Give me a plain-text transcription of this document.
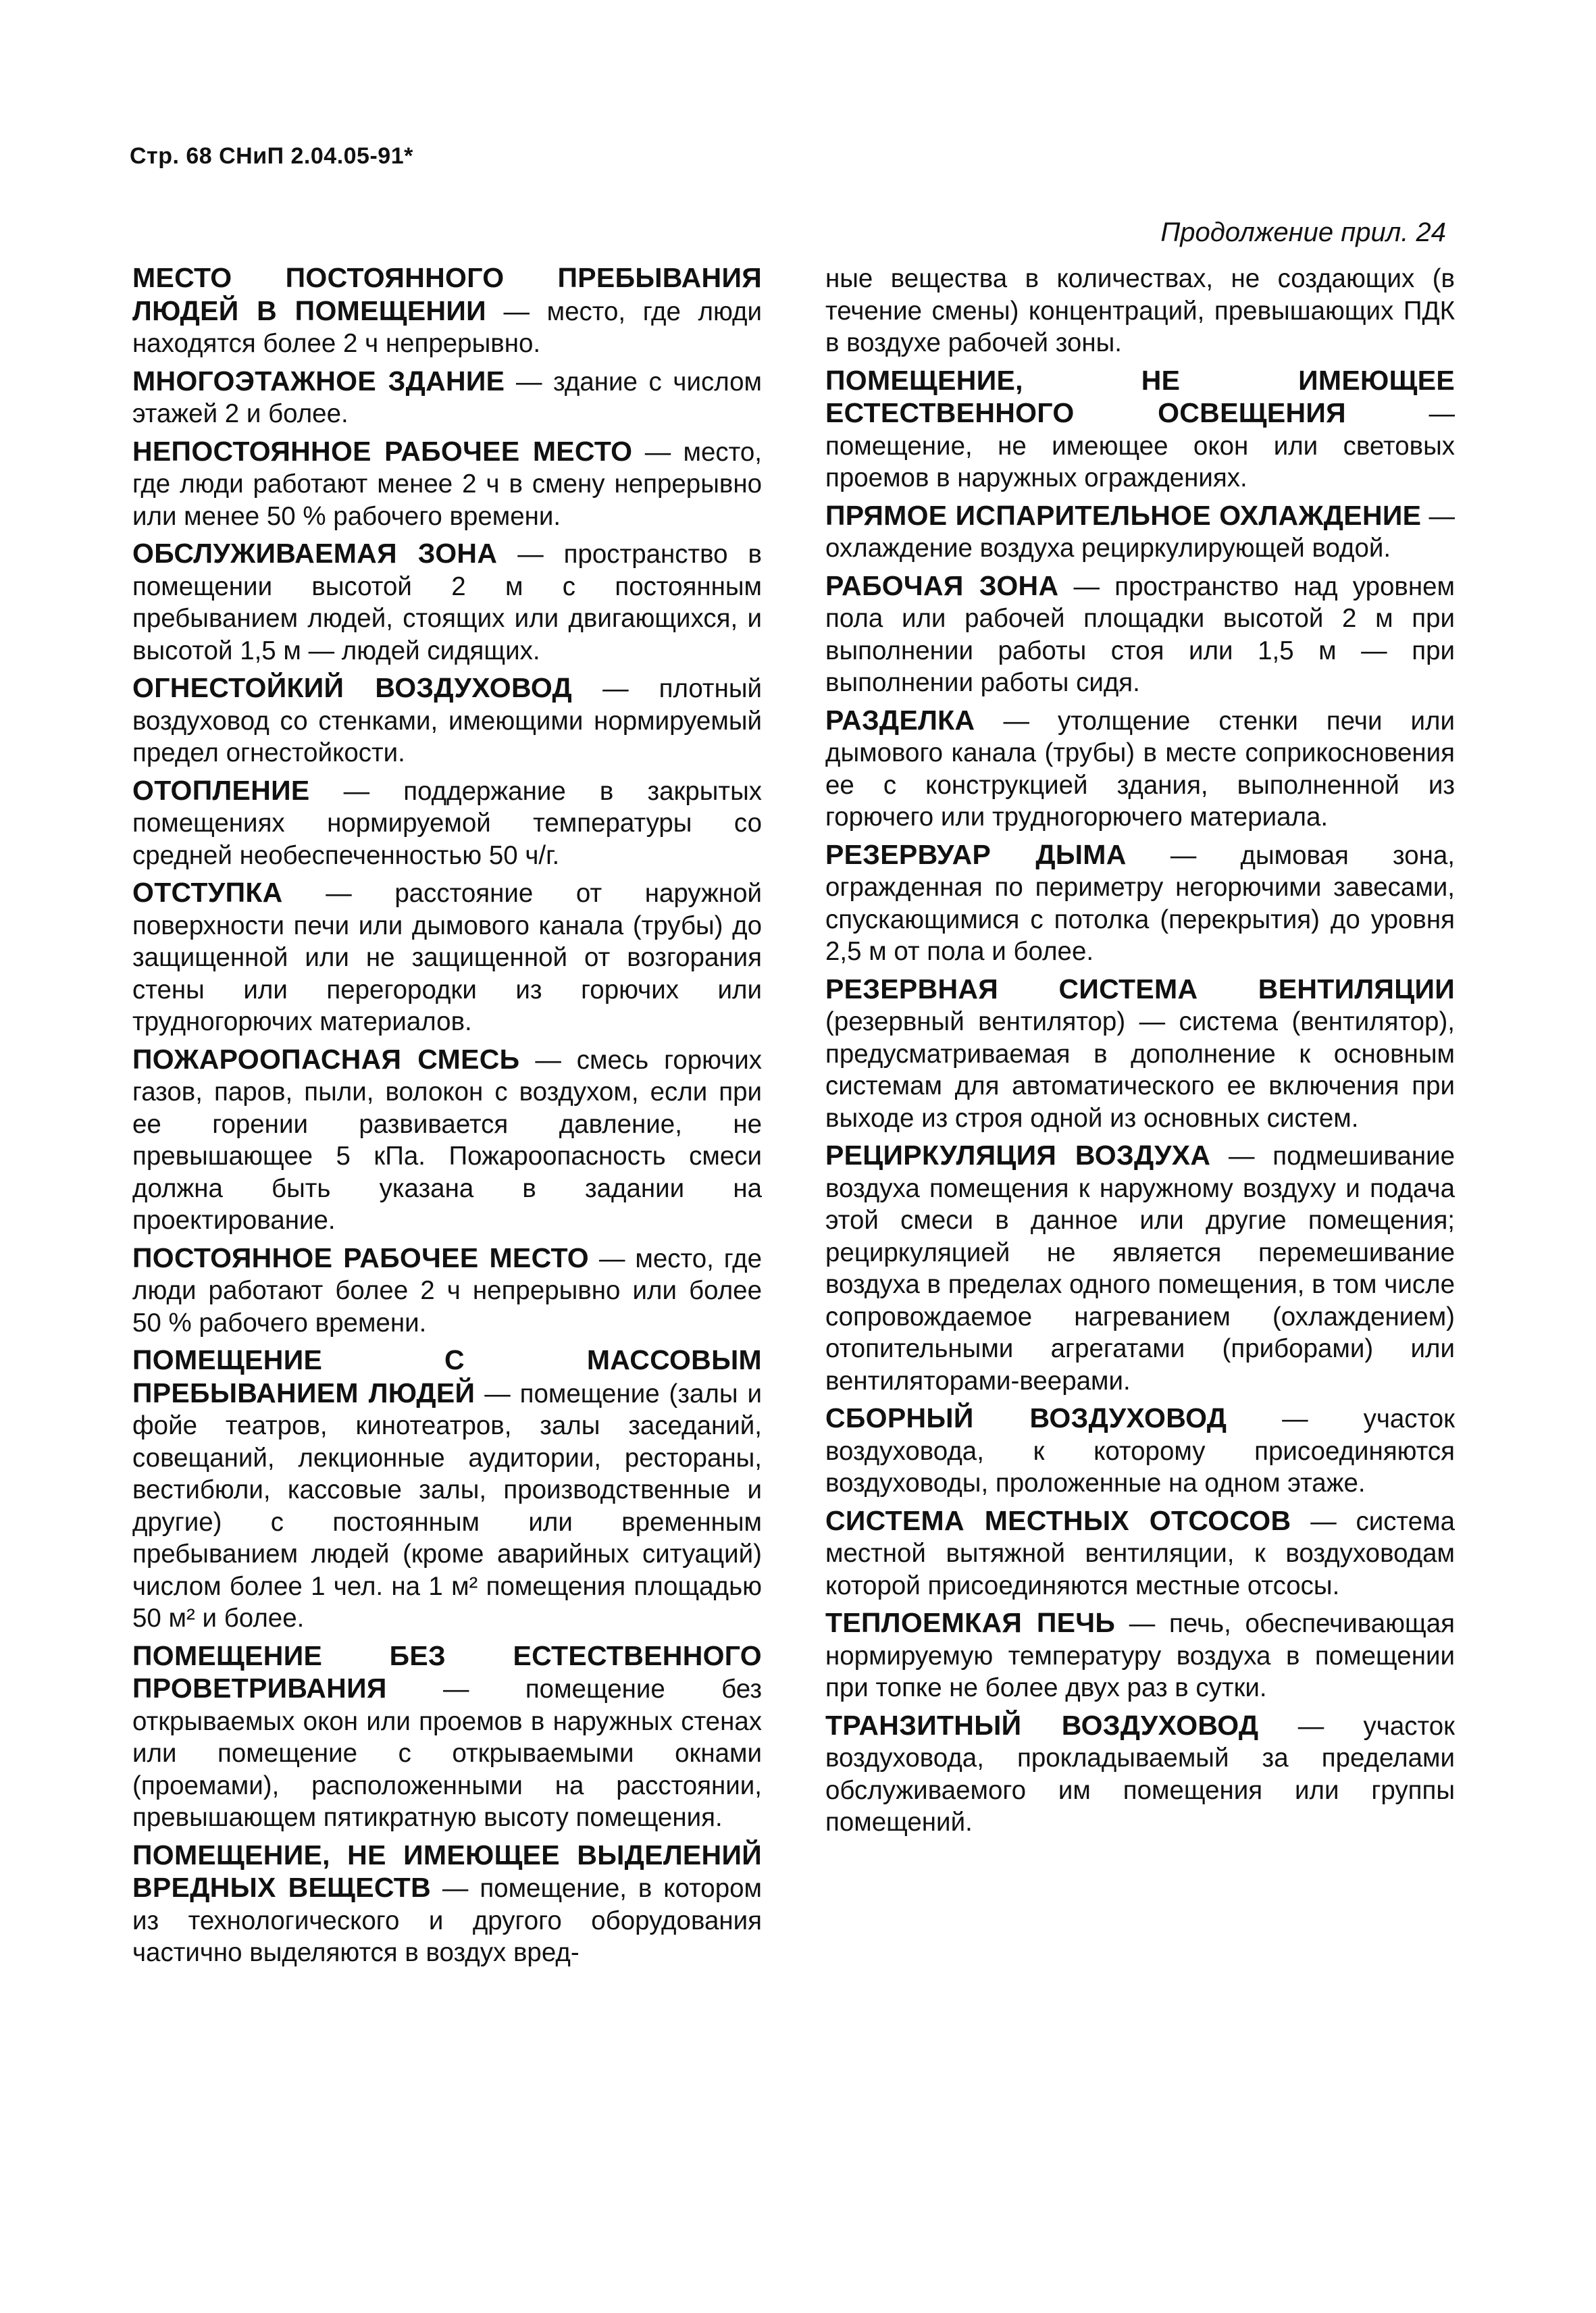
Стр. 68 СНиП 2.04.05-91*
Продолжение прил. 24

МЕСТО ПОСТОЯННОГО ПРЕБЫВАНИЯ ЛЮДЕЙ В ПОМЕЩЕНИИ — место, где люди находятся более 2 ч непрерывно.

МНОГОЭТАЖНОЕ ЗДАНИЕ — здание с числом этажей 2 и более.

НЕПОСТОЯННОЕ РАБОЧЕЕ МЕСТО — место, где люди работают менее 2 ч в смену непрерывно или менее 50 % рабочего времени.

ОБСЛУЖИВАЕМАЯ ЗОНА — пространство в помещении высотой 2 м с постоянным пребыванием людей, стоящих или двигающихся, и высотой 1,5 м — людей сидящих.

ОГНЕСТОЙКИЙ ВОЗДУХОВОД — плотный воздуховод со стенками, имеющими нормируемый предел огнестойкости.

ОТОПЛЕНИЕ — поддержание в закрытых помещениях нормируемой температуры со средней необеспеченностью 50 ч/г.

ОТСТУПКА — расстояние от наружной поверхности печи или дымового канала (трубы) до защищенной или не защищенной от возгорания стены или перегородки из горючих или трудногорючих материалов.

ПОЖАРООПАСНАЯ СМЕСЬ — смесь горючих газов, паров, пыли, волокон с воздухом, если при ее горении развивается давление, не превышающее 5 кПа. Пожароопасность смеси должна быть указана в задании на проектирование.

ПОСТОЯННОЕ РАБОЧЕЕ МЕСТО — место, где люди работают более 2 ч непрерывно или более 50 % рабочего времени.

ПОМЕЩЕНИЕ С МАССОВЫМ ПРЕБЫВАНИЕМ ЛЮДЕЙ — помещение (залы и фойе театров, кинотеатров, залы заседаний, совещаний, лекционные аудитории, рестораны, вестибюли, кассовые залы, производственные и другие) с постоянным или временным пребыванием людей (кроме аварийных ситуаций) числом более 1 чел. на 1 м² помещения площадью 50 м² и более.

ПОМЕЩЕНИЕ БЕЗ ЕСТЕСТВЕННОГО ПРОВЕТРИВАНИЯ — помещение без открываемых окон или проемов в наружных стенах или помещение с открываемыми окнами (проемами), расположенными на расстоянии, превышающем пятикратную высоту помещения.

ПОМЕЩЕНИЕ, НЕ ИМЕЮЩЕЕ ВЫДЕЛЕНИЙ ВРЕДНЫХ ВЕЩЕСТВ — помещение, в котором из технологического и другого оборудования частично выделяются в воздух вред-

ные вещества в количествах, не создающих (в течение смены) концентраций, превышающих ПДК в воздухе рабочей зоны.

ПОМЕЩЕНИЕ, НЕ ИМЕЮЩЕЕ ЕСТЕСТВЕННОГО ОСВЕЩЕНИЯ — помещение, не имеющее окон или световых проемов в наружных ограждениях.

ПРЯМОЕ ИСПАРИТЕЛЬНОЕ ОХЛАЖДЕНИЕ — охлаждение воздуха рециркулирующей водой.

РАБОЧАЯ ЗОНА — пространство над уровнем пола или рабочей площадки высотой 2 м при выполнении работы стоя или 1,5 м — при выполнении работы сидя.

РАЗДЕЛКА — утолщение стенки печи или дымового канала (трубы) в месте соприкосновения ее с конструкцией здания, выполненной из горючего или трудногорючего материала.

РЕЗЕРВУАР ДЫМА — дымовая зона, огражденная по периметру негорючими завесами, спускающимися с потолка (перекрытия) до уровня 2,5 м от пола и более.

РЕЗЕРВНАЯ СИСТЕМА ВЕНТИЛЯЦИИ (резервный вентилятор) — система (вентилятор), предусматриваемая в дополнение к основным системам для автоматического ее включения при выходе из строя одной из основных систем.

РЕЦИРКУЛЯЦИЯ ВОЗДУХА — подмешивание воздуха помещения к наружному воздуху и подача этой смеси в данное или другие помещения; рециркуляцией не является перемешивание воздуха в пределах одного помещения, в том числе сопровождаемое нагреванием (охлаждением) отопительными агрегатами (приборами) или вентиляторами-веерами.

СБОРНЫЙ ВОЗДУХОВОД — участок воздуховода, к которому присоединяются воздуховоды, проложенные на одном этаже.

СИСТЕМА МЕСТНЫХ ОТСОСОВ — система местной вытяжной вентиляции, к воздуховодам которой присоединяются местные отсосы.

ТЕПЛОЕМКАЯ ПЕЧЬ — печь, обеспечивающая нормируемую температуру воздуха в помещении при топке не более двух раз в сутки.

ТРАНЗИТНЫЙ ВОЗДУХОВОД — участок воздуховода, прокладываемый за пределами обслуживаемого им помещения или группы помещений.
